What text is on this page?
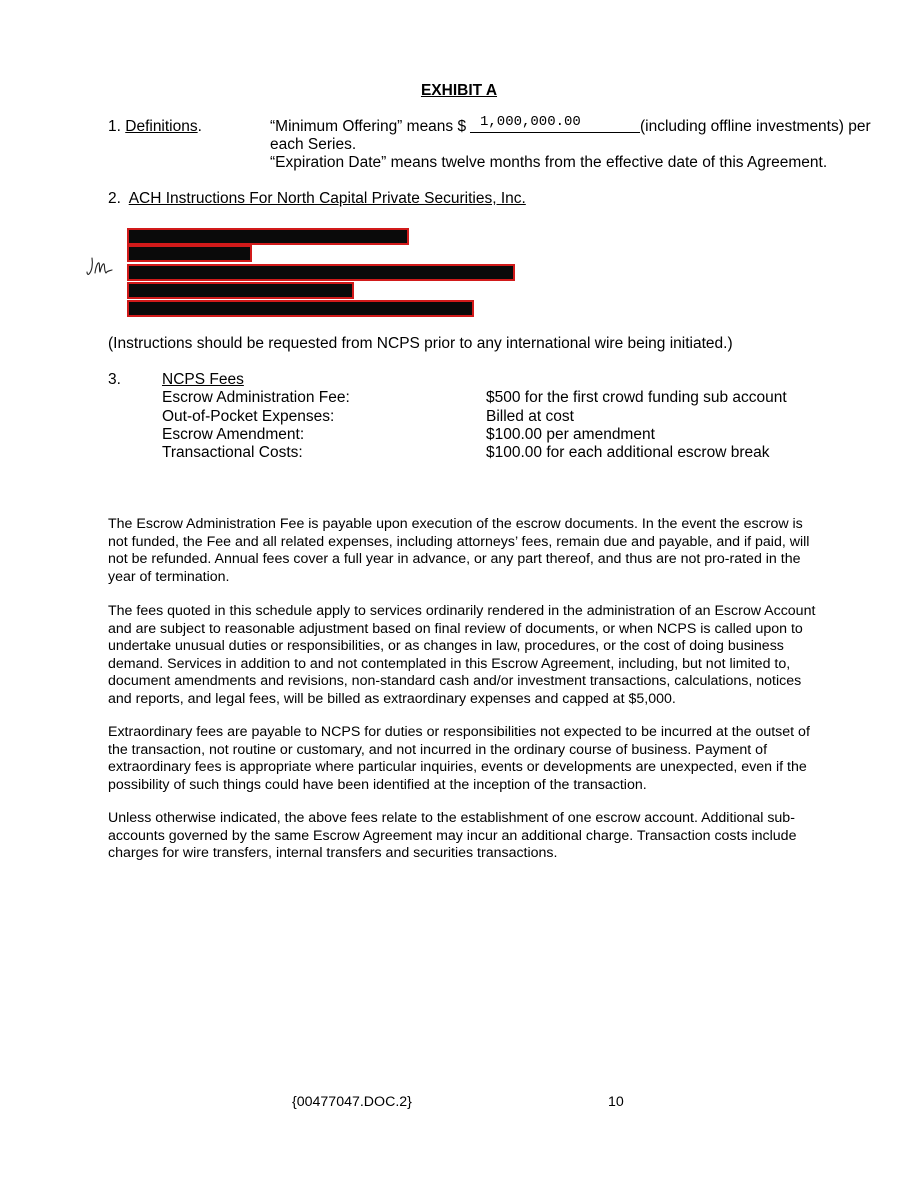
EXHIBIT A
1. Definitions.	“Minimum Offering” means $ 1,000,000.00	(including offline investments) per
each Series.
“Expiration Date” means twelve months from the effective date of this Agreement.
2. ACH Instructions For North Capital Private Securities, Inc.
(Instructions should be requested from NCPS prior to any international wire being initiated.)
3.	NCPS Fees
Escrow Administration Fee:	$500 for the first crowd funding sub account
Out-of-Pocket Expenses:	Billed at cost
Escrow Amendment:	$100.00 per amendment
Transactional Costs:	$100.00 for each additional escrow break
The Escrow Administration Fee is payable upon execution of the escrow documents. In the event the escrow is
not funded, the Fee and all related expenses, including attorneys’ fees, remain due and payable, and if paid, will
not be refunded. Annual fees cover a full year in advance, or any part thereof, and thus are not pro-rated in the
year of termination.
The fees quoted in this schedule apply to services ordinarily rendered in the administration of an Escrow Account
and are subject to reasonable adjustment based on final review of documents, or when NCPS is called upon to
undertake unusual duties or responsibilities, or as changes in law, procedures, or the cost of doing business
demand. Services in addition to and not contemplated in this Escrow Agreement, including, but not limited to,
document amendments and revisions, non-standard cash and/or investment transactions, calculations, notices
and reports, and legal fees, will be billed as extraordinary expenses and capped at $5,000.
Extraordinary fees are payable to NCPS for duties or responsibilities not expected to be incurred at the outset of
the transaction, not routine or customary, and not incurred in the ordinary course of business. Payment of
extraordinary fees is appropriate where particular inquiries, events or developments are unexpected, even if the
possibility of such things could have been identified at the inception of the transaction.
Unless otherwise indicated, the above fees relate to the establishment of one escrow account. Additional sub-
accounts governed by the same Escrow Agreement may incur an additional charge. Transaction costs include
charges for wire transfers, internal transfers and securities transactions.
{00477047.DOC.2}	10
